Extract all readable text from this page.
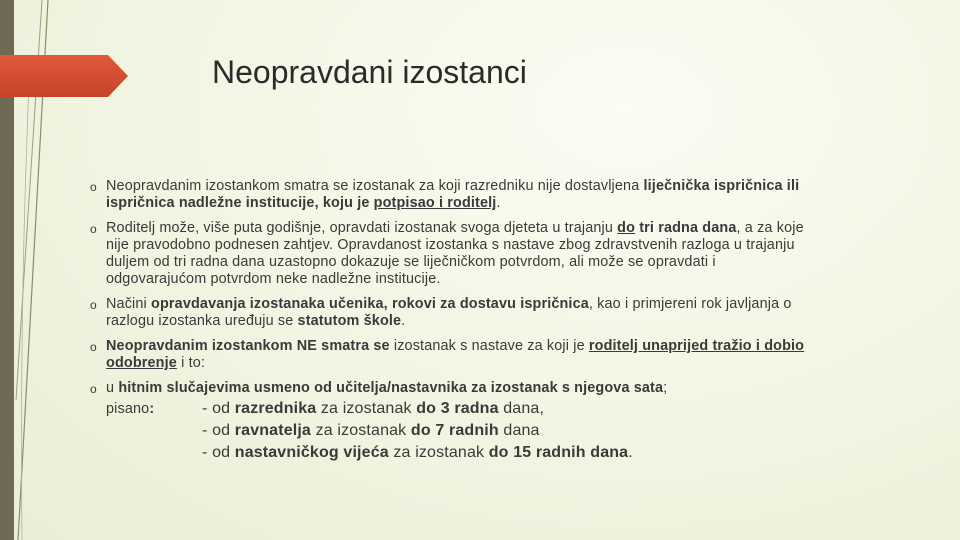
Neopravdani izostanci
o Neopravdanim izostankom smatra se izostanak za koji razredniku nije dostavljena liječnička ispričnica ili ispričnica nadležne institucije, koju je potpisao i roditelj.
o Roditelj može, više puta godišnje, opravdati izostanak svoga djeteta u trajanju do tri radna dana, a za koje nije pravodobno podnesen zahtjev. Opravdanost izostanka s nastave zbog zdravstvenih razloga u trajanju duljem od tri radna dana uzastopno dokazuje se liječničkom potvrdom, ali može se opravdati i odgovarajućom potvrdom neke nadležne institucije.
o Načini opravdavanja izostanaka učenika, rokovi za dostavu ispričnica, kao i primjereni rok javljanja o razlogu izostanka uređuju se statutom škole.
o Neopravdanim izostankom NE smatra se izostanak s nastave za koji je roditelj unaprijed tražio i dobio odobrenje i to:
o u hitnim slučajevima usmeno od učitelja/nastavnika za izostanak s njegova sata;
pisano:	- od razrednika za izostanak do 3 radna dana,
- od ravnatelja za izostanak do 7 radnih dana
- od nastavničkog vijeća za izostanak do 15 radnih dana.
